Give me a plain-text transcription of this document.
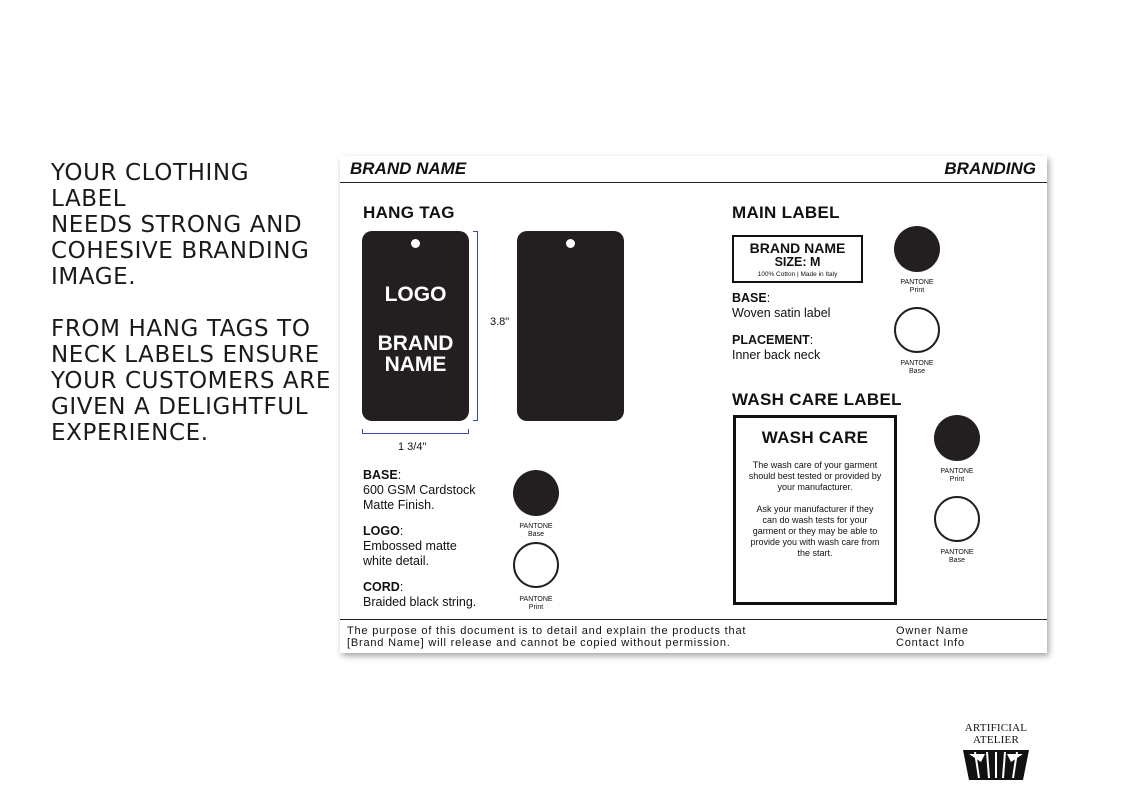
YOUR CLOTHING LABEL
NEEDS STRONG AND
COHESIVE BRANDING
IMAGE.

FROM HANG TAGS TO
NECK LABELS ENSURE
YOUR CUSTOMERS ARE
GIVEN A DELIGHTFUL
EXPERIENCE.

BRAND NAME	BRANDING
HANG TAG
LOGO
BRAND
NAME
3.8"
1 3/4"
BASE:
600 GSM Cardstock
Matte Finish.
LOGO:
Embossed matte
white detail.
CORD:
Braided black string.
PANTONE
Base
PANTONE
Print
MAIN LABEL
BRAND NAME
SIZE: M
100% Cotton | Made in Italy
BASE:
Woven satin label
PLACEMENT:
Inner back neck
PANTONE
Print
PANTONE
Base
WASH CARE LABEL
WASH CARE
The wash care of your garment should best tested or provided by your manufacturer.
Ask your manufacturer if they can do wash tests for your garment or they may be able to provide you with wash care from the start.
PANTONE
Print
PANTONE
Base
The purpose of this document is to detail and explain the products that
[Brand Name] will release and cannot be copied without permission.
Owner Name
Contact Info
ARTIFICIAL ATELIER
